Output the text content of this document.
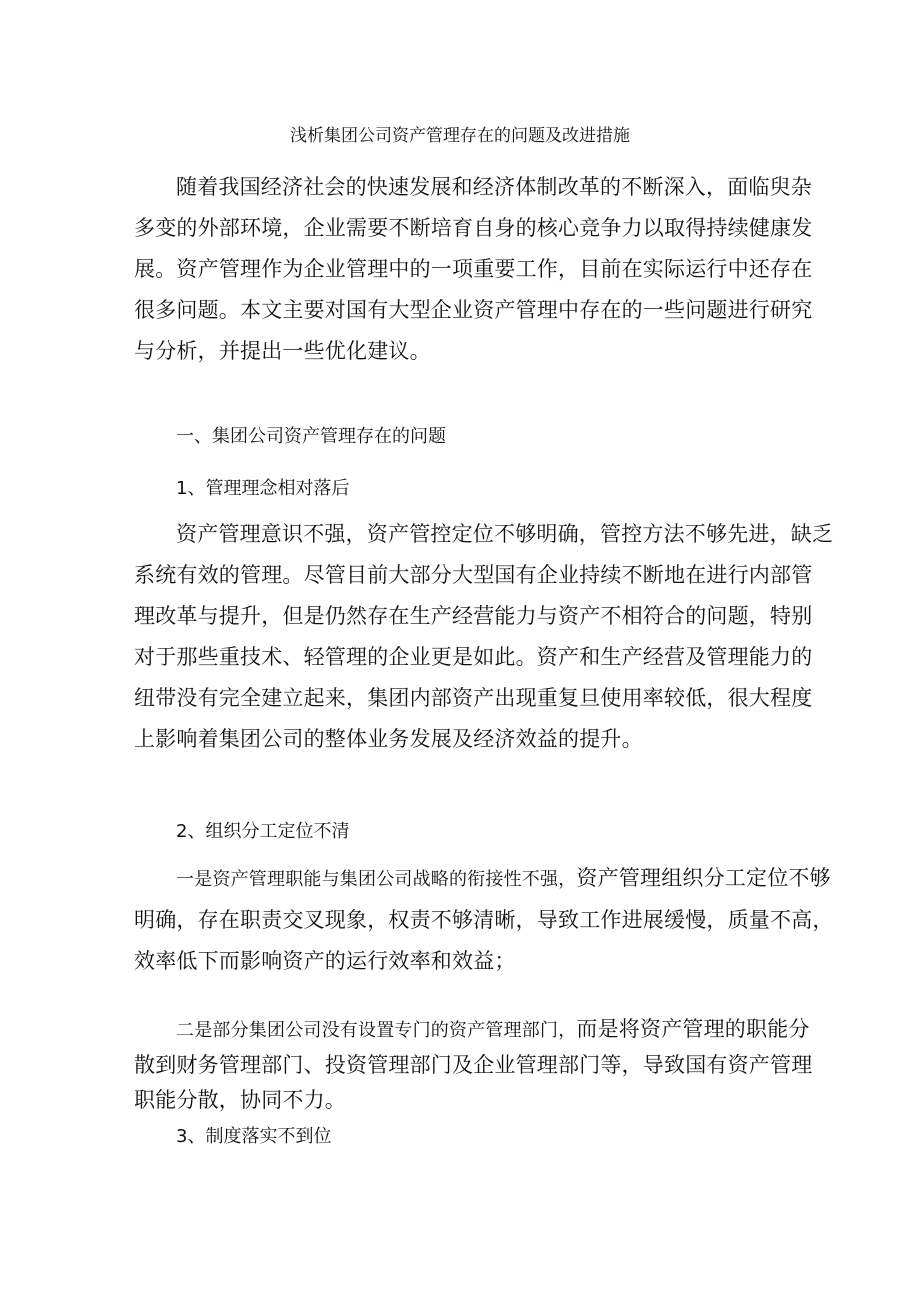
浅析集团公司资产管理存在的问题及改进措施
随着我国经济社会的快速发展和经济体制改革的不断深入，面临臾杂
多变的外部环境，企业需要不断培育自身的核心竞争力以取得持续健康发
展。资产管理作为企业管理中的一项重要工作，目前在实际运行中还存在
很多问题。本文主要对国有大型企业资产管理中存在的一些问题进行研究
与分析，并提出一些优化建议。
一、集团公司资产管理存在的问题
1、管理理念相对落后
资产管理意识不强，资产管控定位不够明确，管控方法不够先进，缺乏
系统有效的管理。尽管目前大部分大型国有企业持续不断地在进行内部管
理改革与提升，但是仍然存在生产经营能力与资产不相符合的问题，特别
对于那些重技术、轻管理的企业更是如此。资产和生产经营及管理能力的
纽带没有完全建立起来，集团内部资产出现重复旦使用率较低，很大程度
上影响着集团公司的整体业务发展及经济效益的提升。
2、组织分工定位不清
一是资产管理职能与集团公司战略的衔接性不强，资产管理组织分工定位不够
明确，存在职责交叉现象，权责不够清晰，导致工作进展缓慢，质量不高，
效率低下而影响资产的运行效率和效益；
二是部分集团公司没有设置专门的资产管理部门，而是将资产管理的职能分
散到财务管理部门、投资管理部门及企业管理部门等，导致国有资产管理
职能分散，协同不力。
3、制度落实不到位
